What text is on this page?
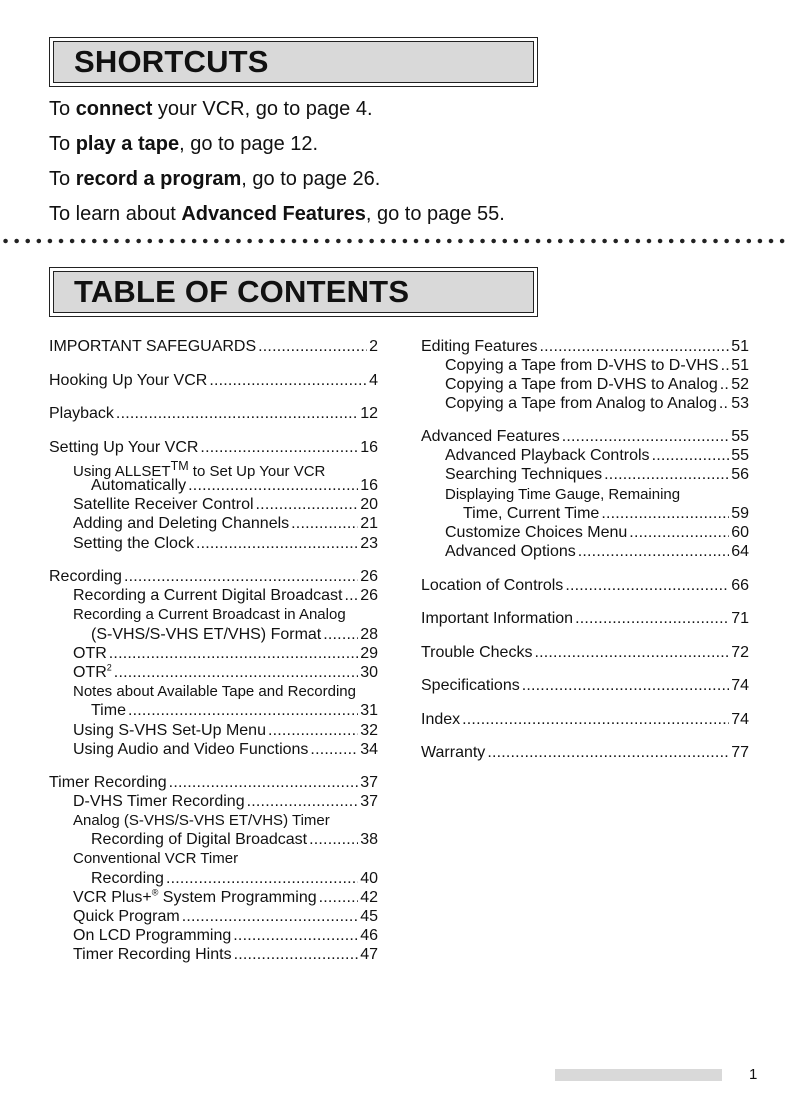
SHORTCUTS
To connect your VCR, go to page 4.
To play a tape, go to page 12.
To record a program, go to page 26.
To learn about Advanced Features, go to page 55.
TABLE OF CONTENTS
IMPORTANT SAFEGUARDS .....	2
Hooking Up Your VCR .....	4
Playback .....	12
Setting Up Your VCR .....	16
Using ALLSET™ to Set Up Your VCR
Automatically .....	16
Satellite Receiver Control .....	20
Adding and Deleting Channels .....	21
Setting the Clock .....	23
Recording .....	26
Recording a Current Digital Broadcast ..... 26
Recording a Current Broadcast in Analog
(S-VHS/S-VHS ET/VHS) Format ..... 28
OTR .....	29
OTR$^2$ .....	30
Notes about Available Tape and Recording
Time .....	31
Using S-VHS Set-Up Menu .....	32
Using Audio and Video Functions .....	34
Timer Recording .....	37
D-VHS Timer Recording .....	37
Analog (S-VHS/S-VHS ET/VHS) Timer
Recording of Digital Broadcast .....	38
Conventional VCR Timer
Recording .....	40
VCR Plus+® System Programming .....	42
Quick Program .....	45
On LCD Programming .....	46
Timer Recording Hints .....	47
Editing Features .....	51
Copying a Tape from D-VHS to D-VHS ..... 51
Copying a Tape from D-VHS to Analog ..... 52
Copying a Tape from Analog to Analog ..... 53
Advanced Features .....	55
Advanced Playback Controls .....	55
Searching Techniques .....	56
Displaying Time Gauge, Remaining
Time, Current Time .....	59
Customize Choices Menu .....	60
Advanced Options .....	64
Location of Controls .....	66
Important Information .....	71
Trouble Checks .....	72
Specifications .....	74
Index .....	74
Warranty .....	77
1
